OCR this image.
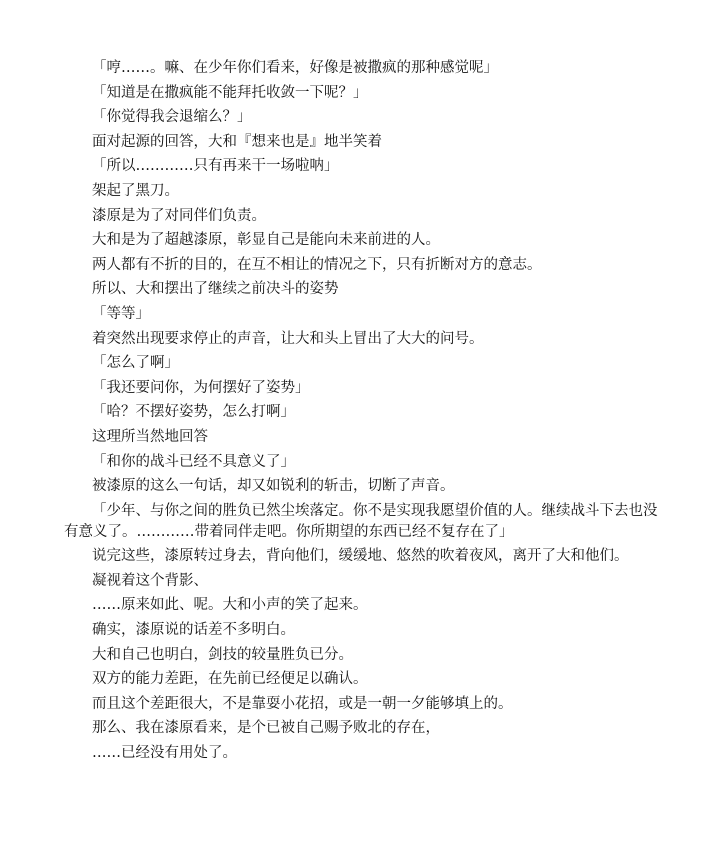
「哼……。嘛、在少年你们看来，好像是被撒疯的那种感觉呢」

「知道是在撒疯能不能拜托收敛一下呢？」

「你觉得我会退缩么？」

面对起源的回答，大和『想来也是』地半笑着

「所以…………只有再来干一场啦呐」

架起了黑刀。

漆原是为了对同伴们负责。

大和是为了超越漆原，彰显自己是能向未来前进的人。

两人都有不折的目的，在互不相让的情况之下，只有折断对方的意志。

所以、大和摆出了继续之前决斗的姿势

「等等」

着突然出现要求停止的声音，让大和头上冒出了大大的问号。

「怎么了啊」

「我还要问你，为何摆好了姿势」

「哈？不摆好姿势，怎么打啊」

这理所当然地回答

「和你的战斗已经不具意义了」

被漆原的这么一句话，却又如锐利的斩击，切断了声音。

「少年、与你之间的胜负已然尘埃落定。你不是实现我愿望价值的人。继续战斗下去也没有意义了。…………带着同伴走吧。你所期望的东西已经不复存在了」

说完这些，漆原转过身去，背向他们，缓缓地、悠然的吹着夜风，离开了大和他们。

凝视着这个背影、

……原来如此、呢。大和小声的笑了起来。

确实，漆原说的话差不多明白。

大和自己也明白，剑技的较量胜负已分。

双方的能力差距，在先前已经便足以确认。

而且这个差距很大，不是靠耍小花招，或是一朝一夕能够填上的。

那么、我在漆原看来，是个已被自己赐予败北的存在，

……已经没有用处了。
